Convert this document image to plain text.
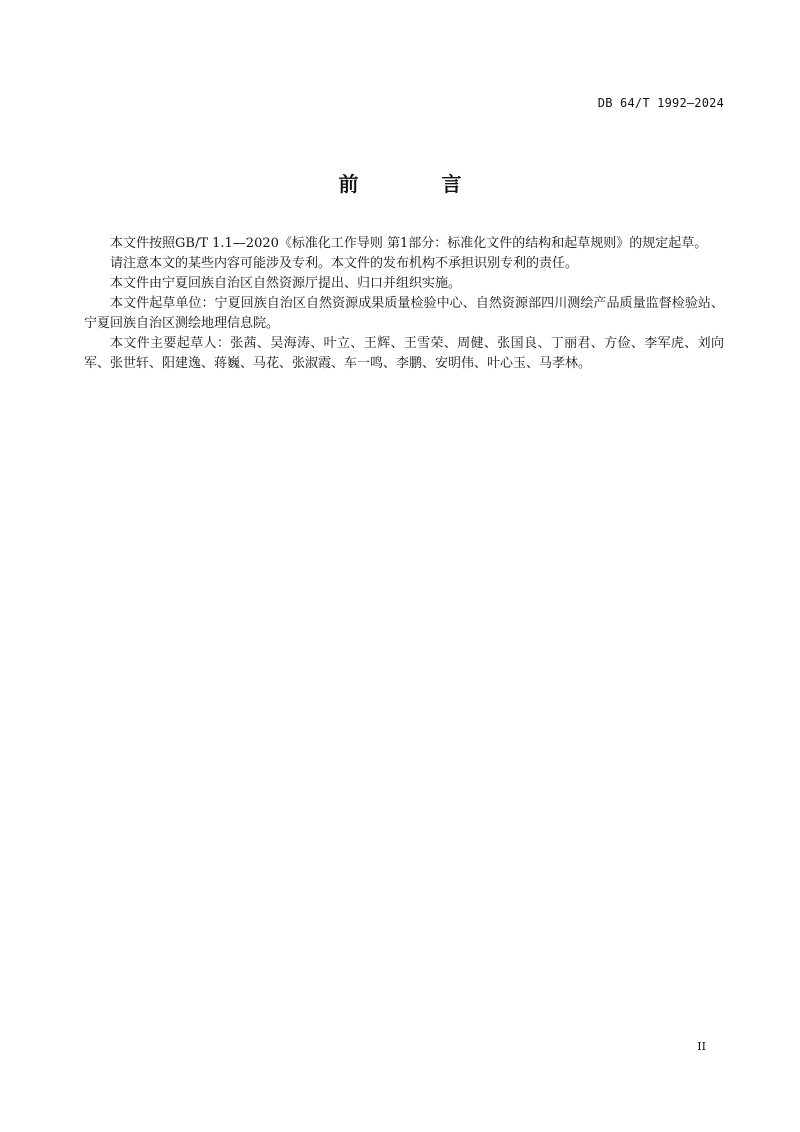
DB 64/T 1992—2024
前 言

本文件按照GB/T 1.1—2020《标准化工作导则 第1部分：标准化文件的结构和起草规则》的规定起草。

请注意本文的某些内容可能涉及专利。本文件的发布机构不承担识别专利的责任。

本文件由宁夏回族自治区自然资源厅提出、归口并组织实施。

本文件起草单位：宁夏回族自治区自然资源成果质量检验中心、自然资源部四川测绘产品质量监督检验站、宁夏回族自治区测绘地理信息院。

本文件主要起草人：张茜、吴海涛、叶立、王辉、王雪荣、周健、张国良、丁丽君、方俭、李军虎、刘向军、张世轩、阳建逸、蒋巍、马花、张淑霞、车一鸣、李鹏、安明伟、叶心玉、马孝林。

II
